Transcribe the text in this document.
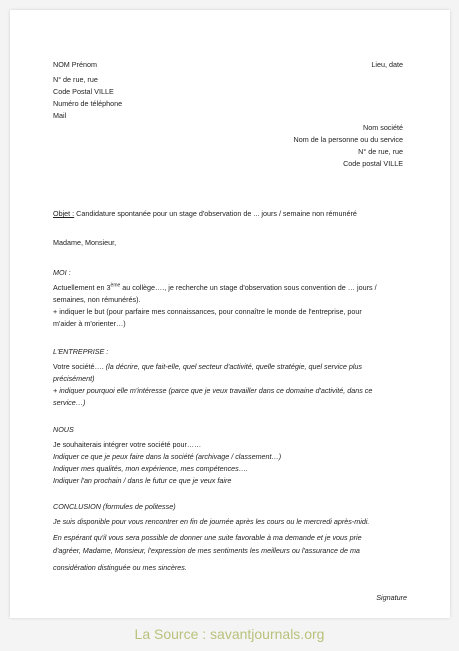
NOM Prénom	Lieu, date
N° de rue, rue
Code Postal VILLE
Numéro de téléphone
Mail
Nom société
Nom de la personne ou du service
N° de rue, rue
Code postal VILLE
Objet : Candidature spontanée pour un stage d'observation de ... jours / semaine non rémunéré
Madame, Monsieur,
MOI :
Actuellement en 3ème au collège…., je recherche un stage d'observation sous convention de … jours /
semaines, non rémunérés).
+ indiquer le but (pour parfaire mes connaissances, pour connaître le monde de l'entreprise, pour
m'aider à m'orienter…)
L'ENTREPRISE :
Votre société…. (la décrire, que fait-elle, quel secteur d'activité, quelle stratégie, quel service plus
précisément)
+ indiquer pourquoi elle m'intéresse (parce que je veux travailler dans ce domaine d'activité, dans ce
service…)
NOUS
Je souhaiterais intégrer votre société pour……
Indiquer ce que je peux faire dans la société (archivage / classement…)
Indiquer mes qualités, mon expérience, mes compétences….
Indiquer l'an prochain / dans le futur ce que je veux faire
CONCLUSION (formules de politesse)
Je suis disponible pour vous rencontrer en fin de journée après les cours ou le mercredi après-midi.
En espérant qu'il vous sera possible de donner une suite favorable à ma demande et je vous prie
d'agréer, Madame, Monsieur, l'expression de mes sentiments les meilleurs ou l'assurance de ma
considération distinguée ou mes sincères.
Signature
La Source : savantjournals.org
